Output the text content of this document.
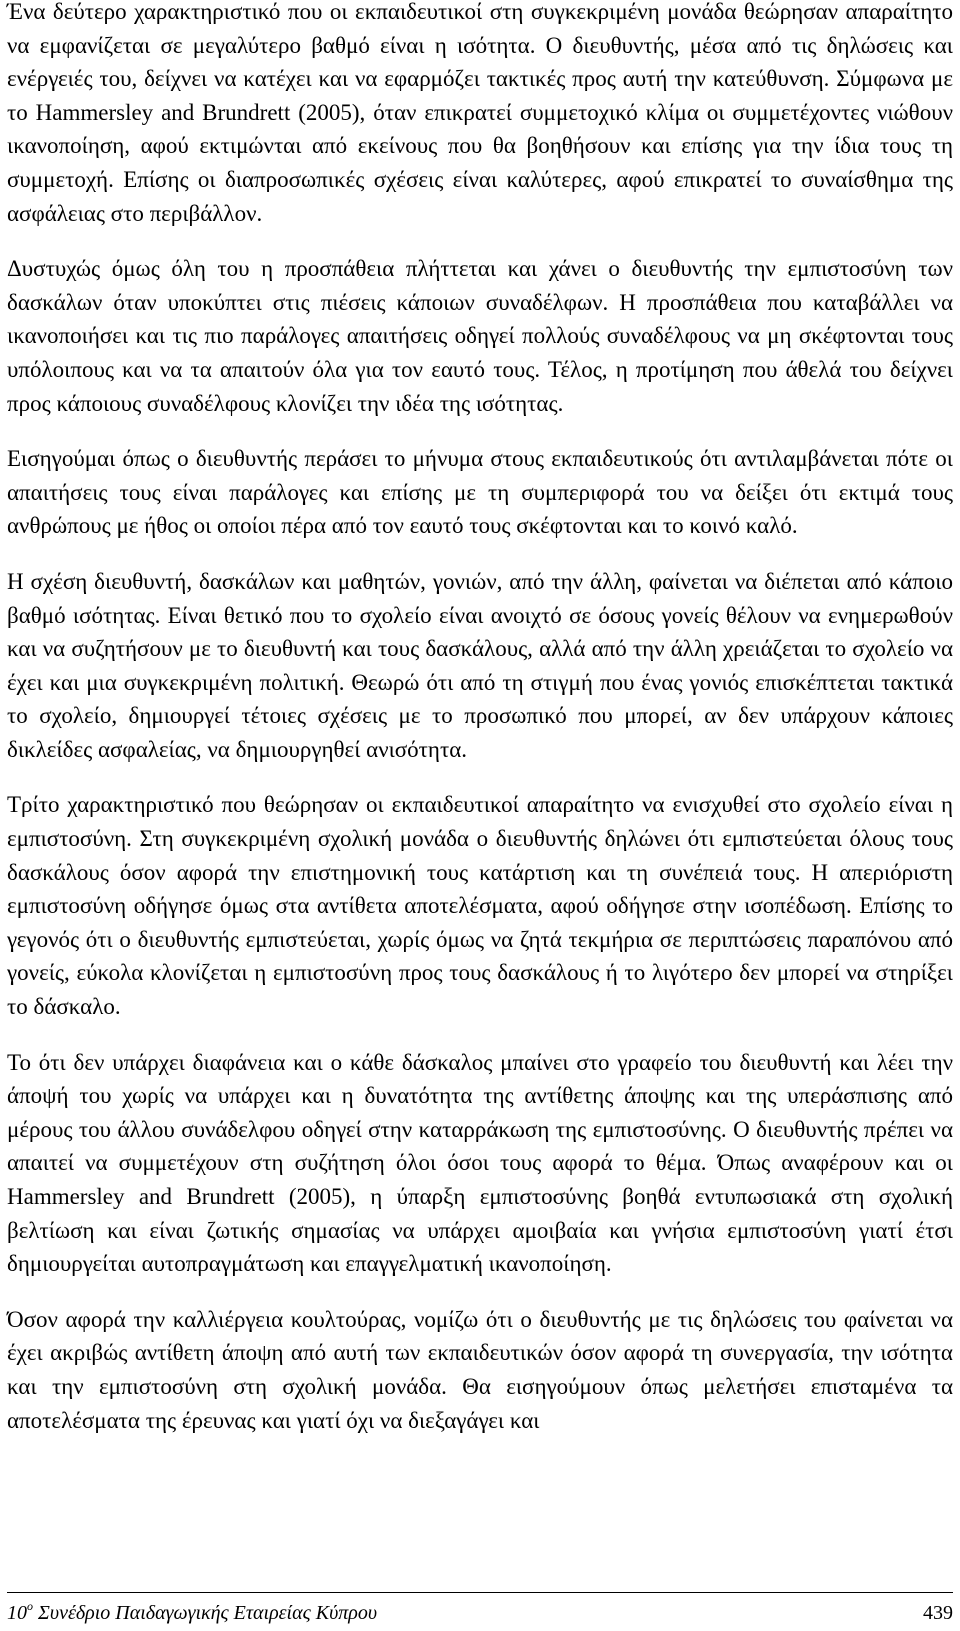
Ένα δεύτερο χαρακτηριστικό που οι εκπαιδευτικοί στη συγκεκριμένη μονάδα θεώρησαν απαραίτητο να εμφανίζεται σε μεγαλύτερο βαθμό είναι η ισότητα. Ο διευθυντής, μέσα από τις δηλώσεις και ενέργειές του, δείχνει να κατέχει και να εφαρμόζει τακτικές προς αυτή την κατεύθυνση. Σύμφωνα με το Hammersley and Brundrett (2005), όταν επικρατεί συμμετοχικό κλίμα οι συμμετέχοντες νιώθουν ικανοποίηση, αφού εκτιμώνται από εκείνους που θα βοηθήσουν και επίσης για την ίδια τους τη συμμετοχή. Επίσης οι διαπροσωπικές σχέσεις είναι καλύτερες, αφού επικρατεί το συναίσθημα της ασφάλειας στο περιβάλλον.

Δυστυχώς όμως όλη του η προσπάθεια πλήττεται και χάνει ο διευθυντής την εμπιστοσύνη των δασκάλων όταν υποκύπτει στις πιέσεις κάποιων συναδέλφων. Η προσπάθεια που καταβάλλει να ικανοποιήσει και τις πιο παράλογες απαιτήσεις οδηγεί πολλούς συναδέλφους να μη σκέφτονται τους υπόλοιπους και να τα απαιτούν όλα για τον εαυτό τους. Τέλος, η προτίμηση που άθελά του δείχνει προς κάποιους συναδέλφους κλονίζει την ιδέα της ισότητας.

Εισηγούμαι όπως ο διευθυντής περάσει το μήνυμα στους εκπαιδευτικούς ότι αντιλαμβάνεται πότε οι απαιτήσεις τους είναι παράλογες και επίσης με τη συμπεριφορά του να δείξει ότι εκτιμά τους ανθρώπους με ήθος οι οποίοι πέρα από τον εαυτό τους σκέφτονται και το κοινό καλό.

Η σχέση διευθυντή, δασκάλων και μαθητών, γονιών, από την άλλη, φαίνεται να διέπεται από κάποιο βαθμό ισότητας. Είναι θετικό που το σχολείο είναι ανοιχτό σε όσους γονείς θέλουν να ενημερωθούν και να συζητήσουν με το διευθυντή και τους δασκάλους, αλλά από την άλλη χρειάζεται το σχολείο να έχει και μια συγκεκριμένη πολιτική. Θεωρώ ότι από τη στιγμή που ένας γονιός επισκέπτεται τακτικά το σχολείο, δημιουργεί τέτοιες σχέσεις με το προσωπικό που μπορεί, αν δεν υπάρχουν κάποιες δικλείδες ασφαλείας, να δημιουργηθεί ανισότητα.

Τρίτο χαρακτηριστικό που θεώρησαν οι εκπαιδευτικοί απαραίτητο να ενισχυθεί στο σχολείο είναι η εμπιστοσύνη. Στη συγκεκριμένη σχολική μονάδα ο διευθυντής δηλώνει ότι εμπιστεύεται όλους τους δασκάλους όσον αφορά την επιστημονική τους κατάρτιση και τη συνέπειά τους. Η απεριόριστη εμπιστοσύνη οδήγησε όμως στα αντίθετα αποτελέσματα, αφού οδήγησε στην ισοπέδωση. Επίσης το γεγονός ότι ο διευθυντής εμπιστεύεται, χωρίς όμως να ζητά τεκμήρια σε περιπτώσεις παραπόνου από γονείς, εύκολα κλονίζεται η εμπιστοσύνη προς τους δασκάλους ή το λιγότερο δεν μπορεί να στηρίξει το δάσκαλο.

Το ότι δεν υπάρχει διαφάνεια και ο κάθε δάσκαλος μπαίνει στο γραφείο του διευθυντή και λέει την άποψή του χωρίς να υπάρχει και η δυνατότητα της αντίθετης άποψης και της υπεράσπισης από μέρους του άλλου συνάδελφου οδηγεί στην καταρράκωση της εμπιστοσύνης. Ο διευθυντής πρέπει να απαιτεί να συμμετέχουν στη συζήτηση όλοι όσοι τους αφορά το θέμα. Όπως αναφέρουν και οι Hammersley and Brundrett (2005), η ύπαρξη εμπιστοσύνης βοηθά εντυπωσιακά στη σχολική βελτίωση και είναι ζωτικής σημασίας να υπάρχει αμοιβαία και γνήσια εμπιστοσύνη γιατί έτσι δημιουργείται αυτοπραγμάτωση και επαγγελματική ικανοποίηση.

Όσον αφορά την καλλιέργεια κουλτούρας, νομίζω ότι ο διευθυντής με τις δηλώσεις του φαίνεται να έχει ακριβώς αντίθετη άποψη από αυτή των εκπαιδευτικών όσον αφορά τη συνεργασία, την ισότητα και την εμπιστοσύνη στη σχολική μονάδα. Θα εισηγούμουν όπως μελετήσει επισταμένα τα αποτελέσματα της έρευνας και γιατί όχι να διεξαγάγει και

$10^o$ Συνέδριο Παιδαγωγικής Εταιρείας Κύπρου	439
